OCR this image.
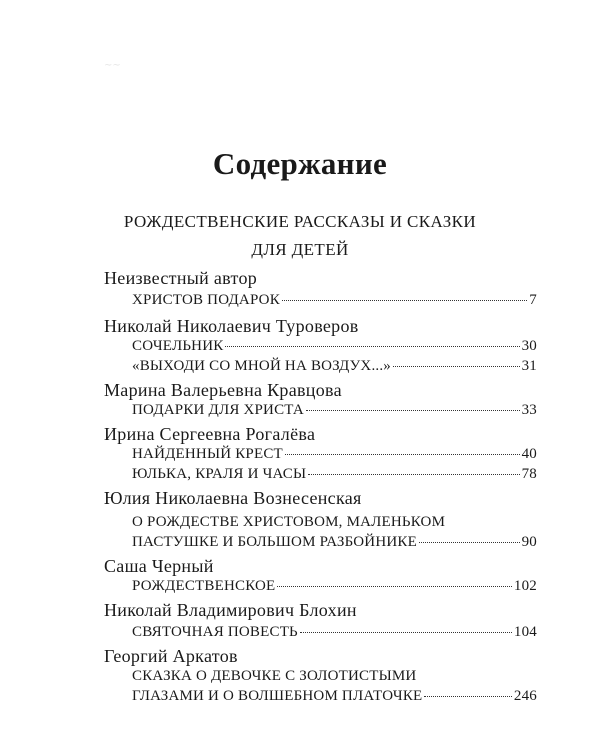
∼∼
Содержание
РОЖДЕСТВЕНСКИЕ РАССКАЗЫ И СКАЗКИ
ДЛЯ ДЕТЕЙ
Неизвестный автор
ХРИСТОВ ПОДАРОК	7
Николай Николаевич Туроверов
СОЧЕЛЬНИК	30
«ВЫХОДИ СО МНОЙ НА ВОЗДУХ...»	31
Марина Валерьевна Кравцова
ПОДАРКИ ДЛЯ ХРИСТА	33
Ирина Сергеевна Рогалёва
НАЙДЕННЫЙ КРЕСТ	40
ЮЛЬКА, КРАЛЯ И ЧАСЫ	78
Юлия Николаевна Вознесенская
О РОЖДЕСТВЕ ХРИСТОВОМ, МАЛЕНЬКОМ
ПАСТУШКЕ И БОЛЬШОМ РАЗБОЙНИКЕ	90
Саша Черный
РОЖДЕСТВЕНСКОЕ	102
Николай Владимирович Блохин
СВЯТОЧНАЯ ПОВЕСТЬ	104
Георгий Аркатов
СКАЗКА О ДЕВОЧКЕ С ЗОЛОТИСТЫМИ
ГЛАЗАМИ И О ВОЛШЕБНОМ ПЛАТОЧКЕ	246
